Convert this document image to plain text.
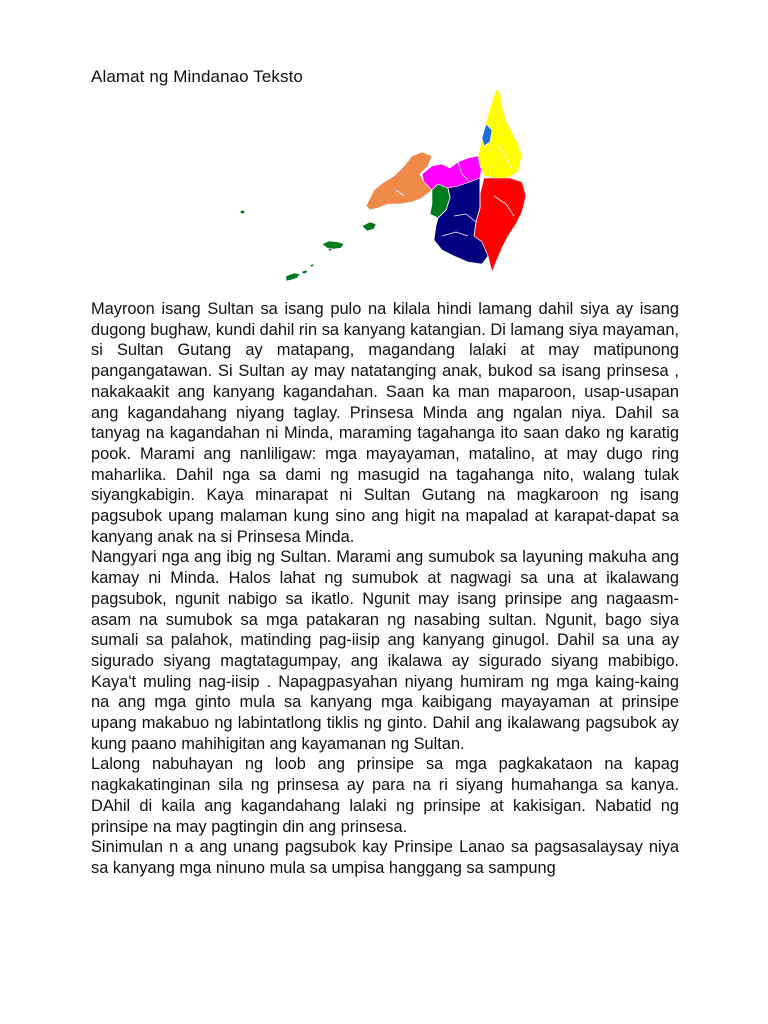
Alamat ng Mindanao Teksto

Mayroon isang Sultan sa isang pulo na kilala hindi lamang dahil siya ay isang dugong bughaw, kundi dahil rin sa kanyang katangian. Di lamang siya mayaman, si Sultan Gutang ay matapang, magandang lalaki at may matipunong pangangatawan. Si Sultan ay may natatanging anak, bukod sa isang prinsesa , nakakaakit ang kanyang kagandahan. Saan ka man maparoon, usap-usapan ang kagandahang niyang taglay. Prinsesa Minda ang ngalan niya. Dahil sa tanyag na kagandahan ni Minda, maraming tagahanga ito saan dako ng karatig pook. Marami ang nanliligaw: mga mayayaman, matalino, at may dugo ring maharlika. Dahil nga sa dami ng masugid na tagahanga nito, walang tulak siyangkabigin. Kaya minarapat ni Sultan Gutang na magkaroon ng isang pagsubok upang malaman kung sino ang higit na mapalad at karapat-dapat sa kanyang anak na si Prinsesa Minda.

Nangyari nga ang ibig ng Sultan. Marami ang sumubok sa layuning makuha ang kamay ni Minda. Halos lahat ng sumubok at nagwagi sa una at ikalawang pagsubok, ngunit nabigo sa ikatlo. Ngunit may isang prinsipe ang nagaasm-asam na sumubok sa mga patakaran ng nasabing sultan. Ngunit, bago siya sumali sa palahok, matinding pag-iisip ang kanyang ginugol. Dahil sa una ay sigurado siyang magtatagumpay, ang ikalawa ay sigurado siyang mabibigo. Kaya't muling nag-iisip . Napagpasyahan niyang humiram ng mga kaing-kaing na ang mga ginto mula sa kanyang mga kaibigang mayayaman at prinsipe upang makabuo ng labintatlong tiklis ng ginto. Dahil ang ikalawang pagsubok ay kung paano mahihigitan ang kayamanan ng Sultan.

Lalong nabuhayan ng loob ang prinsipe sa mga pagkakataon na kapag nagkakatinginan sila ng prinsesa ay para na ri siyang humahanga sa kanya. DAhil di kaila ang kagandahang lalaki ng prinsipe at kakisigan. Nabatid ng prinsipe na may pagtingin din ang prinsesa.

Sinimulan n a ang unang pagsubok kay Prinsipe Lanao sa pagsasalaysay niya sa kanyang mga ninuno mula sa umpisa hanggang sa sampung
